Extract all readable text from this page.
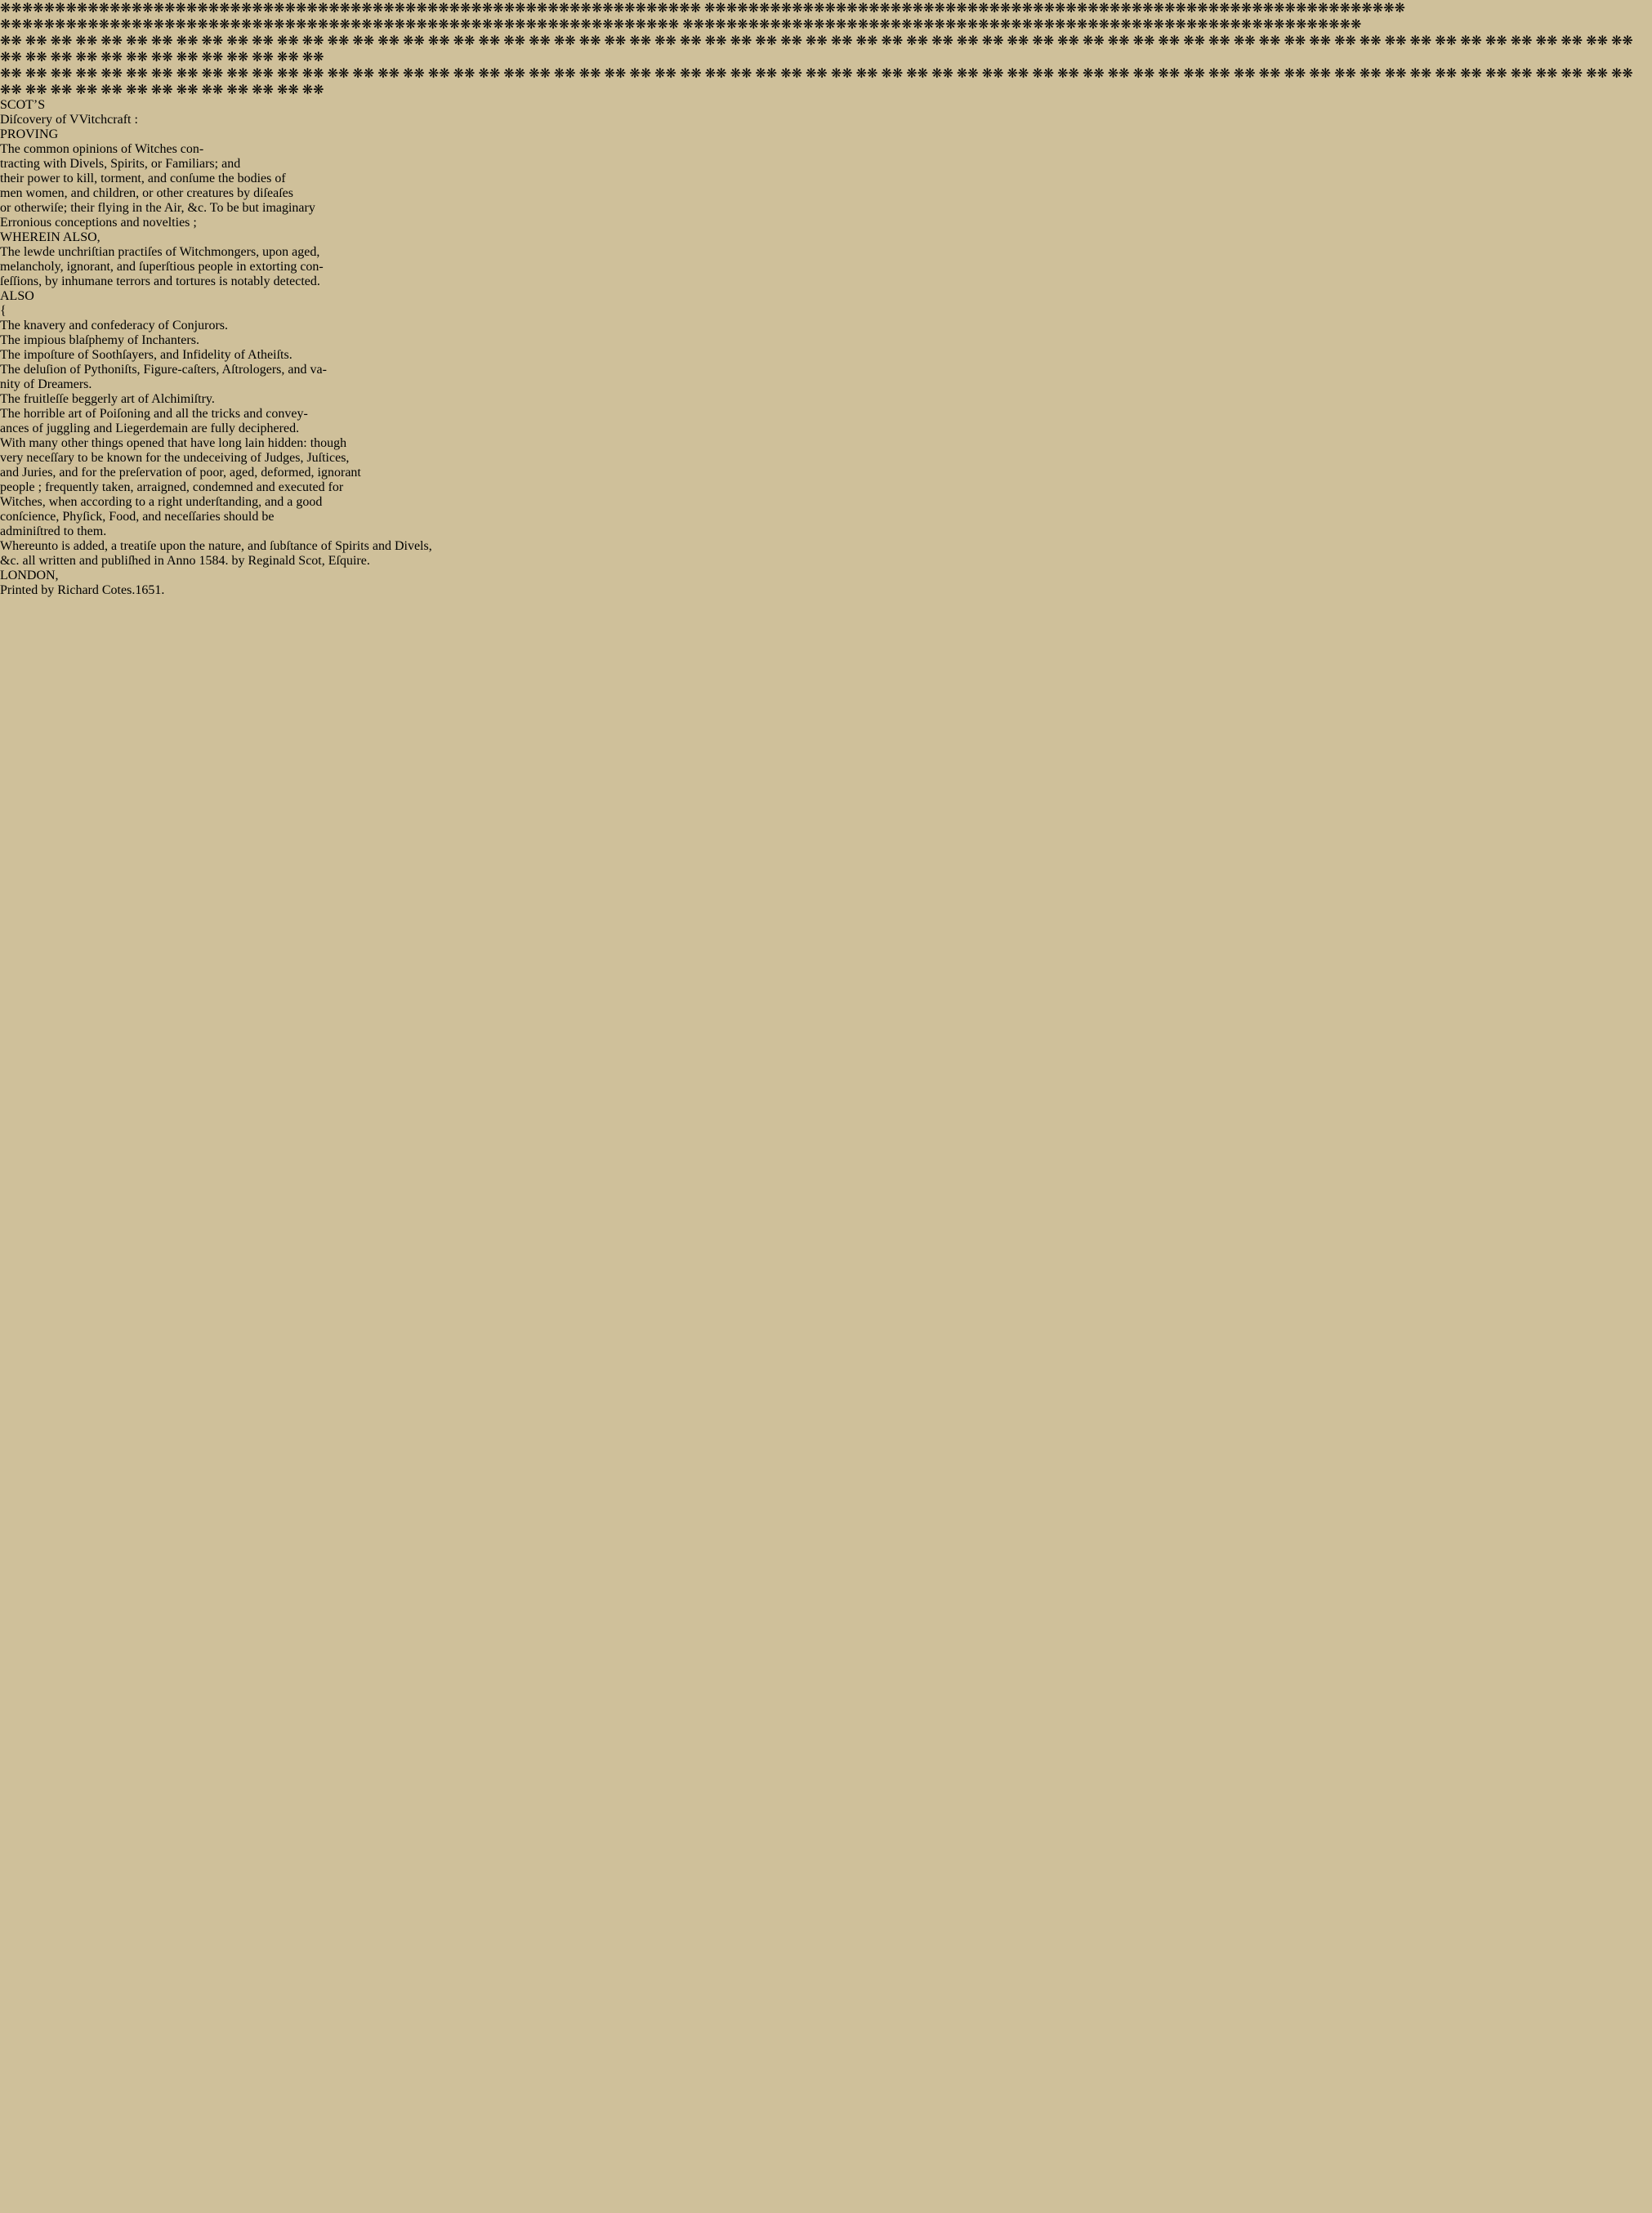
❋❋❋❋❋❋❋❋❋❋❋❋❋❋❋❋❋❋❋❋❋❋❋❋❋❋❋❋❋❋❋❋❋❋❋❋❋❋❋❋❋❋❋❋❋❋❋❋❋❋❋❋❋❋❋❋❋❋❋❋❋❋❋❋ ❋❋❋❋❋❋❋❋❋❋❋❋❋❋❋❋❋❋❋❋❋❋❋❋❋❋❋❋❋❋❋❋❋❋❋❋❋❋❋❋❋❋❋❋❋❋❋❋❋❋❋❋❋❋❋❋❋❋❋❋❋❋❋❋
❋❋❋❋❋❋❋❋❋❋❋❋❋❋❋❋❋❋❋❋❋❋❋❋❋❋❋❋❋❋❋❋❋❋❋❋❋❋❋❋❋❋❋❋❋❋❋❋❋❋❋❋❋❋❋❋❋❋❋❋❋❋ ❋❋❋❋❋❋❋❋❋❋❋❋❋❋❋❋❋❋❋❋❋❋❋❋❋❋❋❋❋❋❋❋❋❋❋❋❋❋❋❋❋❋❋❋❋❋❋❋❋❋❋❋❋❋❋❋❋❋❋❋❋❋
❋❋ ❋❋ ❋❋ ❋❋ ❋❋ ❋❋ ❋❋ ❋❋ ❋❋ ❋❋ ❋❋ ❋❋ ❋❋ ❋❋ ❋❋ ❋❋ ❋❋ ❋❋ ❋❋ ❋❋ ❋❋ ❋❋ ❋❋ ❋❋ ❋❋ ❋❋ ❋❋ ❋❋ ❋❋ ❋❋ ❋❋ ❋❋ ❋❋ ❋❋ ❋❋ ❋❋ ❋❋ ❋❋ ❋❋ ❋❋ ❋❋ ❋❋ ❋❋ ❋❋ ❋❋ ❋❋ ❋❋ ❋❋ ❋❋ ❋❋ ❋❋ ❋❋ ❋❋ ❋❋ ❋❋ ❋❋ ❋❋ ❋❋ ❋❋ ❋❋ ❋❋ ❋❋ ❋❋ ❋❋ ❋❋ ❋❋ ❋❋ ❋❋ ❋❋ ❋❋ ❋❋ ❋❋ ❋❋ ❋❋ ❋❋ ❋❋ ❋❋ ❋❋
❋❋ ❋❋ ❋❋ ❋❋ ❋❋ ❋❋ ❋❋ ❋❋ ❋❋ ❋❋ ❋❋ ❋❋ ❋❋ ❋❋ ❋❋ ❋❋ ❋❋ ❋❋ ❋❋ ❋❋ ❋❋ ❋❋ ❋❋ ❋❋ ❋❋ ❋❋ ❋❋ ❋❋ ❋❋ ❋❋ ❋❋ ❋❋ ❋❋ ❋❋ ❋❋ ❋❋ ❋❋ ❋❋ ❋❋ ❋❋ ❋❋ ❋❋ ❋❋ ❋❋ ❋❋ ❋❋ ❋❋ ❋❋ ❋❋ ❋❋ ❋❋ ❋❋ ❋❋ ❋❋ ❋❋ ❋❋ ❋❋ ❋❋ ❋❋ ❋❋ ❋❋ ❋❋ ❋❋ ❋❋ ❋❋ ❋❋ ❋❋ ❋❋ ❋❋ ❋❋ ❋❋ ❋❋ ❋❋ ❋❋ ❋❋ ❋❋ ❋❋ ❋❋
SCOT’S
Diſcovery of VVitchcraft :
PROVING
The common opinions of Witches con-
tracting with Divels, Spirits, or Familiars; and
their power to kill, torment, and conſume the bodies of
men women, and children, or other creatures by diſeaſes
or otherwiſe; their flying in the Air, &c. To be but imaginary
Erronious conceptions and novelties ;
WHEREIN ALSO,
The lewde unchriſtian practiſes of Witchmongers, upon aged,
melancholy, ignorant, and ſuperſtious people in extorting con-
ſeſſions, by inhumane terrors and tortures is notably detected.
ALSO
{
The knavery and confederacy of Conjurors.
The impious blaſphemy of Inchanters.
The impoſture of Soothſayers, and Infidelity of Atheiſts.
The deluſion of Pythoniſts, Figure-caſters, Aſtrologers, and va-
nity of Dreamers.
The fruitleſſe beggerly art of Alchimiſtry.
The horrible art of Poiſoning and all the tricks and convey-
ances of juggling and Liegerdemain are fully deciphered.
With many other things opened that have long lain hidden: though
very neceſſary to be known for the undeceiving of Judges, Juſtices,
and Juries, and for the preſervation of poor, aged, deformed, ignorant
people ; frequently taken, arraigned, condemned and executed for
Witches, when according to a right underſtanding, and a good
conſcience, Phyſick, Food, and neceſſaries should be
adminiſtred to them.
Whereunto is added, a treatiſe upon the nature, and ſubſtance of Spirits and Divels,
&c. all written and publiſhed in Anno 1584. by Reginald Scot, Eſquire.
LONDON,
Printed by Richard Cotes.1651.
